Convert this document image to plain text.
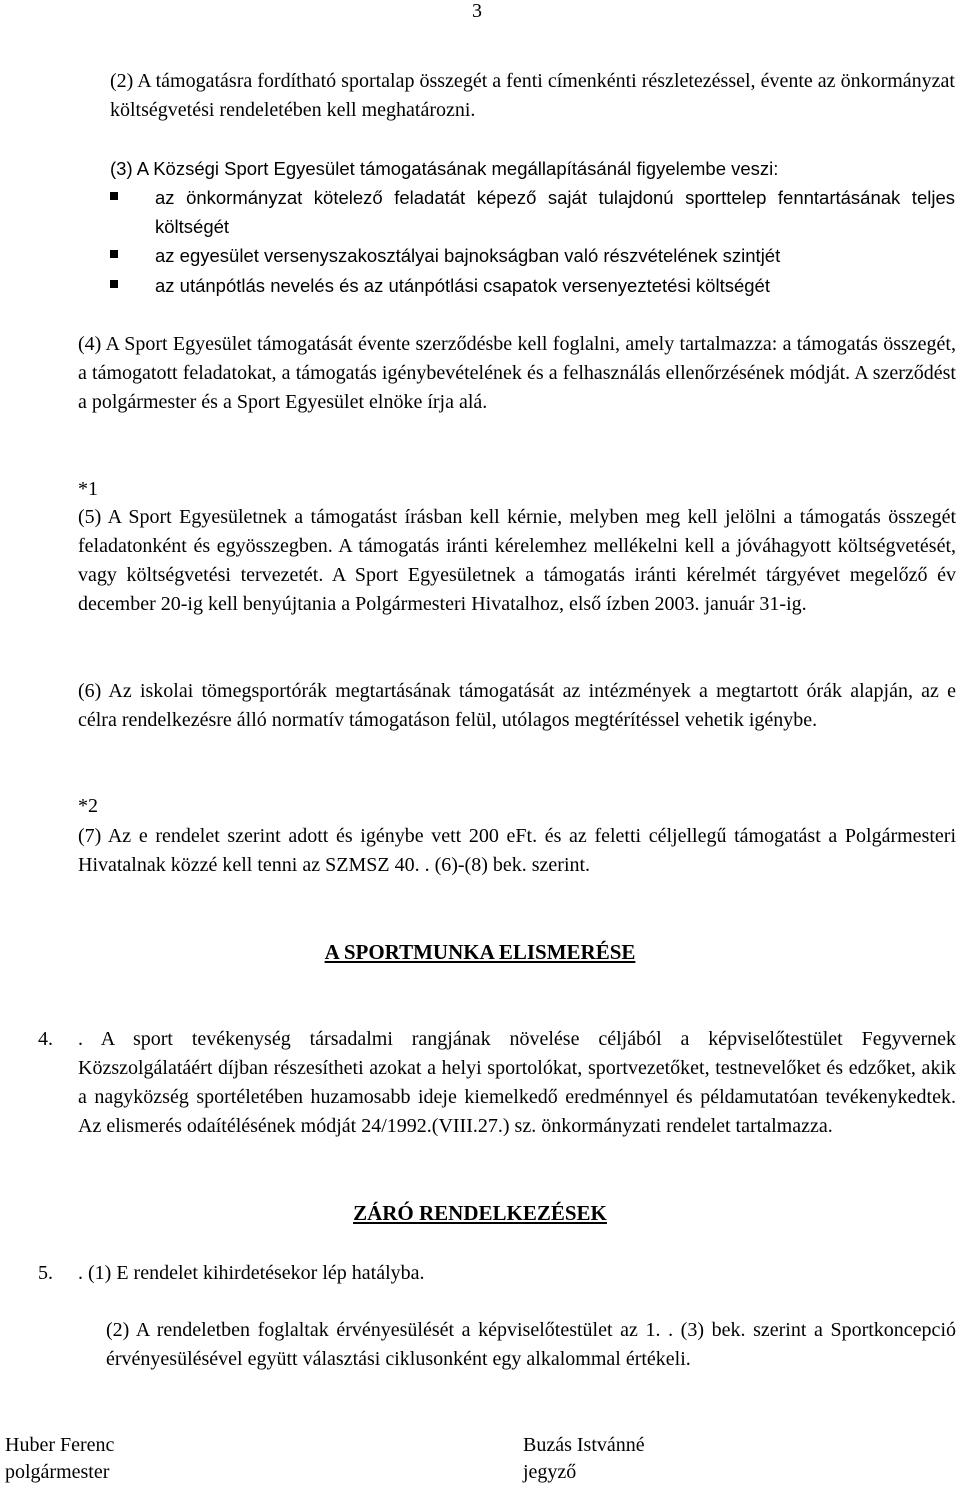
3

(2) A támogatásra fordítható sportalap összegét a fenti címenkénti részletezéssel, évente az önkormányzat költségvetési rendeletében kell meghatározni.

(3) A Községi Sport Egyesület támogatásának megállapításánál figyelembe veszi:

az önkormányzat kötelező feladatát képező saját tulajdonú sporttelep fenntartásának teljes költségét
az egyesület versenyszakosztályai bajnokságban való részvételének szintjét
az utánpótlás nevelés és az utánpótlási csapatok versenyeztetési költségét

(4) A Sport Egyesület támogatását évente szerződésbe kell foglalni, amely tartalmazza: a támogatás összegét, a támogatott feladatokat, a támogatás igénybevételének és a felhasználás ellenőrzésének módját. A szerződést a polgármester és a Sport Egyesület elnöke írja alá.

*1

(5) A Sport Egyesületnek a támogatást írásban kell kérnie, melyben meg kell jelölni a támogatás összegét feladatonként és egyösszegben. A támogatás iránti kérelemhez mellékelni kell a jóváhagyott költségvetését, vagy költségvetési tervezetét. A Sport Egyesületnek a támogatás iránti kérelmét tárgyévet megelőző év december 20-ig kell benyújtania a Polgármesteri Hivatalhoz, első ízben 2003. január 31-ig.

(6) Az iskolai tömegsportórák megtartásának támogatását az intézmények a megtartott órák alapján, az e célra rendelkezésre álló normatív támogatáson felül, utólagos megtérítéssel vehetik igénybe.

*2

(7) Az e rendelet szerint adott és igénybe vett 200 eFt. és az feletti céljellegű támogatást a Polgármesteri Hivatalnak közzé kell tenni az SZMSZ 40. . (6)-(8) bek. szerint.

A SPORTMUNKA ELISMERÉSE
4. . A sport tevékenység társadalmi rangjának növelése céljából a képviselőtestület Fegyvernek Közszolgálatáért díjban részesítheti azokat a helyi sportolókat, sportvezetőket, testnevelőket és edzőket, akik a nagyközség sportéletében huzamosabb ideje kiemelkedő eredménnyel és példamutatóan tevékenykedtek. Az elismerés odaítélésének módját 24/1992.(VIII.27.) sz. önkormányzati rendelet tartalmazza.

ZÁRÓ RENDELKEZÉSEK
5. . (1) E rendelet kihirdetésekor lép hatályba.

(2) A rendeletben foglaltak érvényesülését a képviselőtestület az 1. . (3) bek. szerint a Sportkoncepció érvényesülésével együtt választási ciklusonként egy alkalommal értékeli.

Huber Ferenc
polgármester
Buzás Istvánné
jegyző
